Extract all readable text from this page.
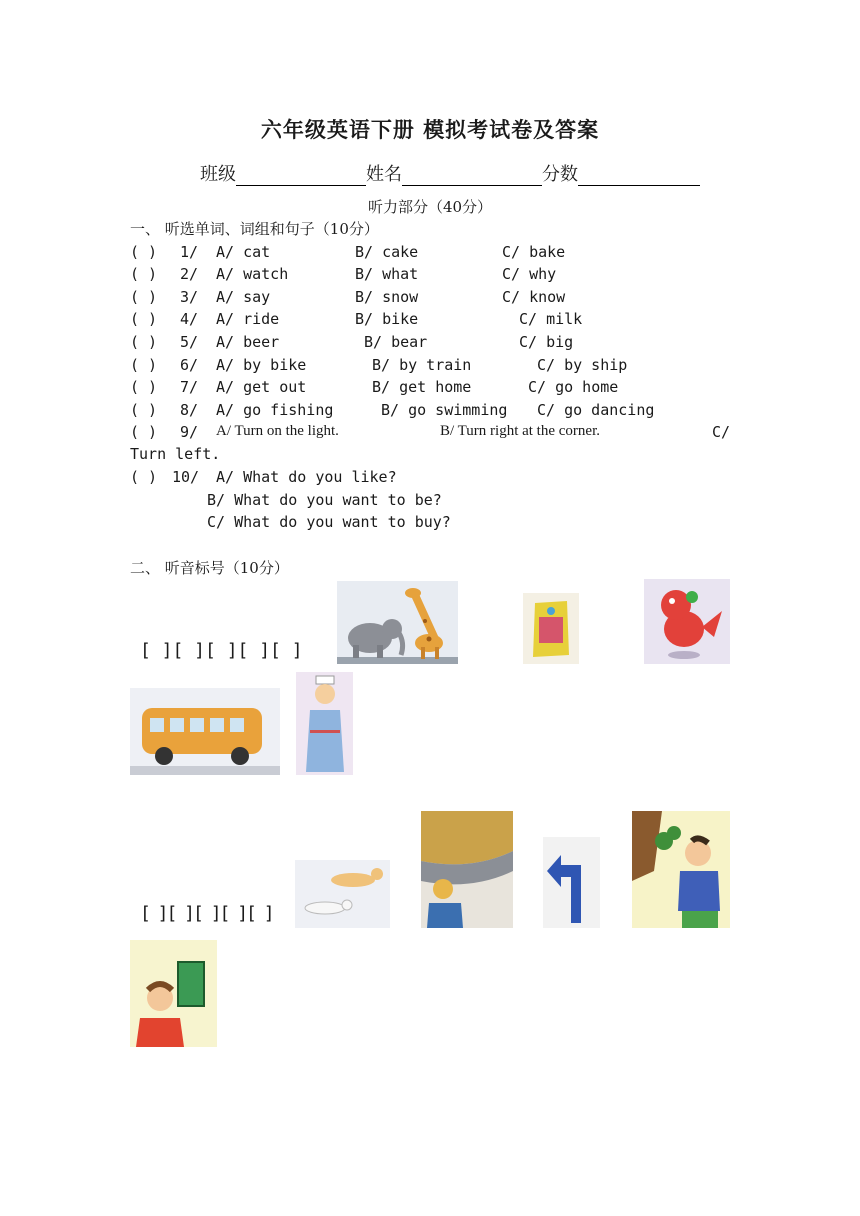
六年级英语下册 模拟考试卷及答案
班级	姓名	分数
听力部分（40分）
一、 听选单词、词组和句子（10分）
( ) 1/ A/ cat	B/ cake	C/ bake
( ) 2/ A/ watch	B/ what	C/ why
( ) 3/ A/ say	B/ snow	C/ know
( ) 4/ A/ ride	B/ bike	C/ milk
( ) 5/ A/ beer	B/ bear	C/ big
( ) 6/ A/ by bike	B/ by train	C/ by ship
( ) 7/ A/ get out	B/ get home	C/ go home
( ) 8/ A/ go fishing	B/ go swimming C/ go dancing
( ) 9/ A/ Turn on the light.	B/ Turn right at the corner.	C/
Turn left.
( ) 10/ A/ What do you like?
B/ What do you want to be?
C/ What do you want to buy?
二、 听音标号（10分）
[ ][ ][ ][ ][ ]
[ ][ ][ ][ ][ ]
